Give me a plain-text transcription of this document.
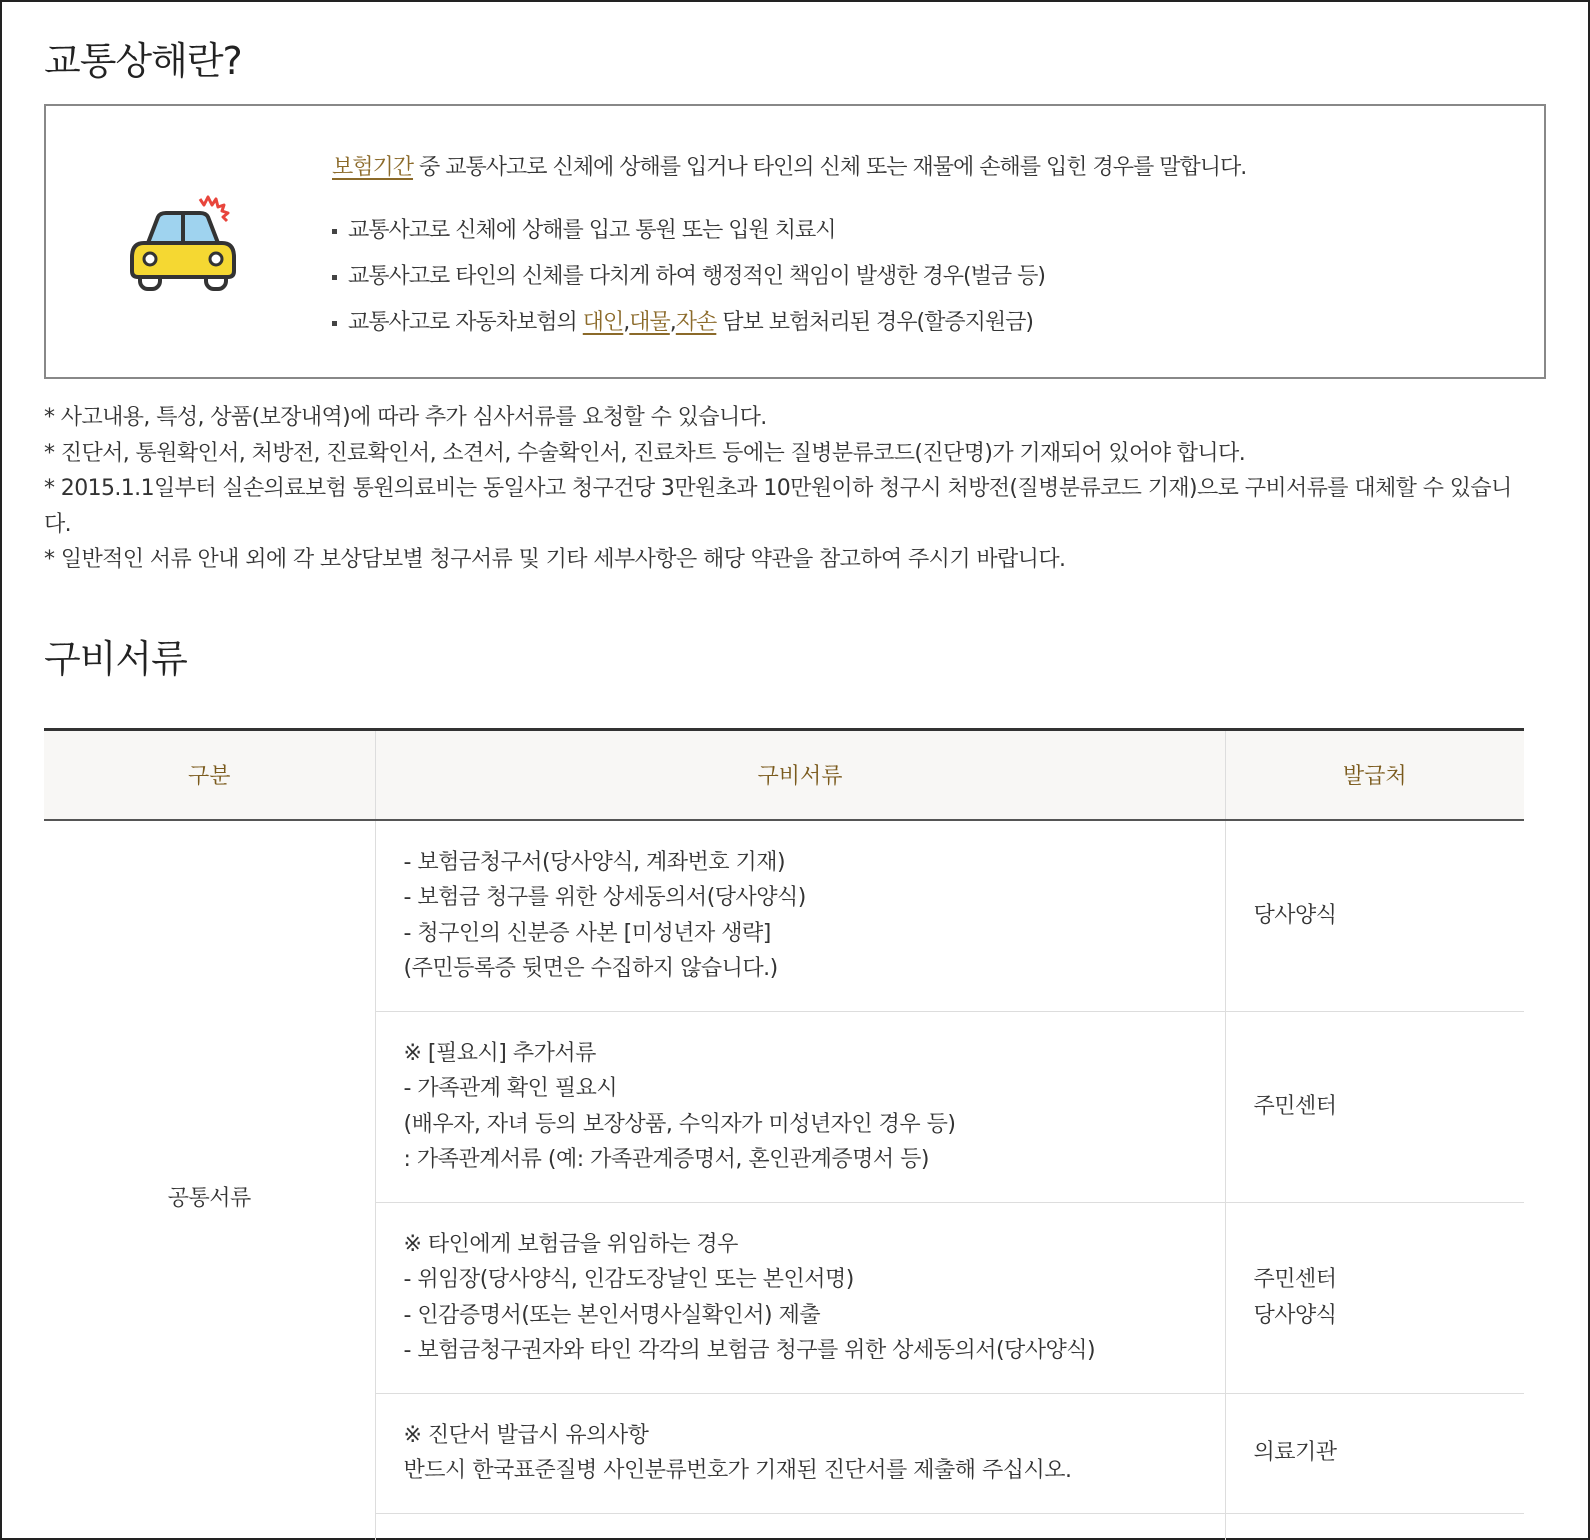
교통상해란?

보험기간 중 교통사고로 신체에 상해를 입거나 타인의 신체 또는 재물에 손해를 입힌 경우를 말합니다.

교통사고로 신체에 상해를 입고 통원 또는 입원 치료시
교통사고로 타인의 신체를 다치게 하여 행정적인 책임이 발생한 경우(벌금 등)
교통사고로 자동차보험의 대인,대물,자손 담보 보험처리된 경우(할증지원금)

* 사고내용, 특성, 상품(보장내역)에 따라 추가 심사서류를 요청할 수 있습니다.

* 진단서, 통원확인서, 처방전, 진료확인서, 소견서, 수술확인서, 진료차트 등에는 질병분류코드(진단명)가 기재되어 있어야 합니다.

* 2015.1.1일부터 실손의료보험 통원의료비는 동일사고 청구건당 3만원초과 10만원이하 청구시 처방전(질병분류코드 기재)으로 구비서류를 대체할 수 있습니다.

* 일반적인 서류 안내 외에 각 보상담보별 청구서류 및 기타 세부사항은 해당 약관을 참고하여 주시기 바랍니다.

구비서류
구분	구비서류	발급처
공통서류	- 보험금청구서(당사양식, 계좌번호 기재)
- 보험금 청구를 위한 상세동의서(당사양식)
- 청구인의 신분증 사본 [미성년자 생략]
(주민등록증 뒷면은 수집하지 않습니다.)	당사양식

	※ [필요시] 추가서류
- 가족관계 확인 필요시
(배우자, 자녀 등의 보장상품, 수익자가 미성년자인 경우 등)
: 가족관계서류 (예: 가족관계증명서, 혼인관계증명서 등)	주민센터

	※ 타인에게 보험금을 위임하는 경우
- 위임장(당사양식, 인감도장날인 또는 본인서명)
- 인감증명서(또는 본인서명사실확인서) 제출
- 보험금청구권자와 타인 각각의 보험금 청구를 위한 상세동의서(당사양식)	주민센터
당사양식

	※ 진단서 발급시 유의사항
반드시 한국표준질병 사인분류번호가 기재된 진단서를 제출해 주십시오.	의료기관
